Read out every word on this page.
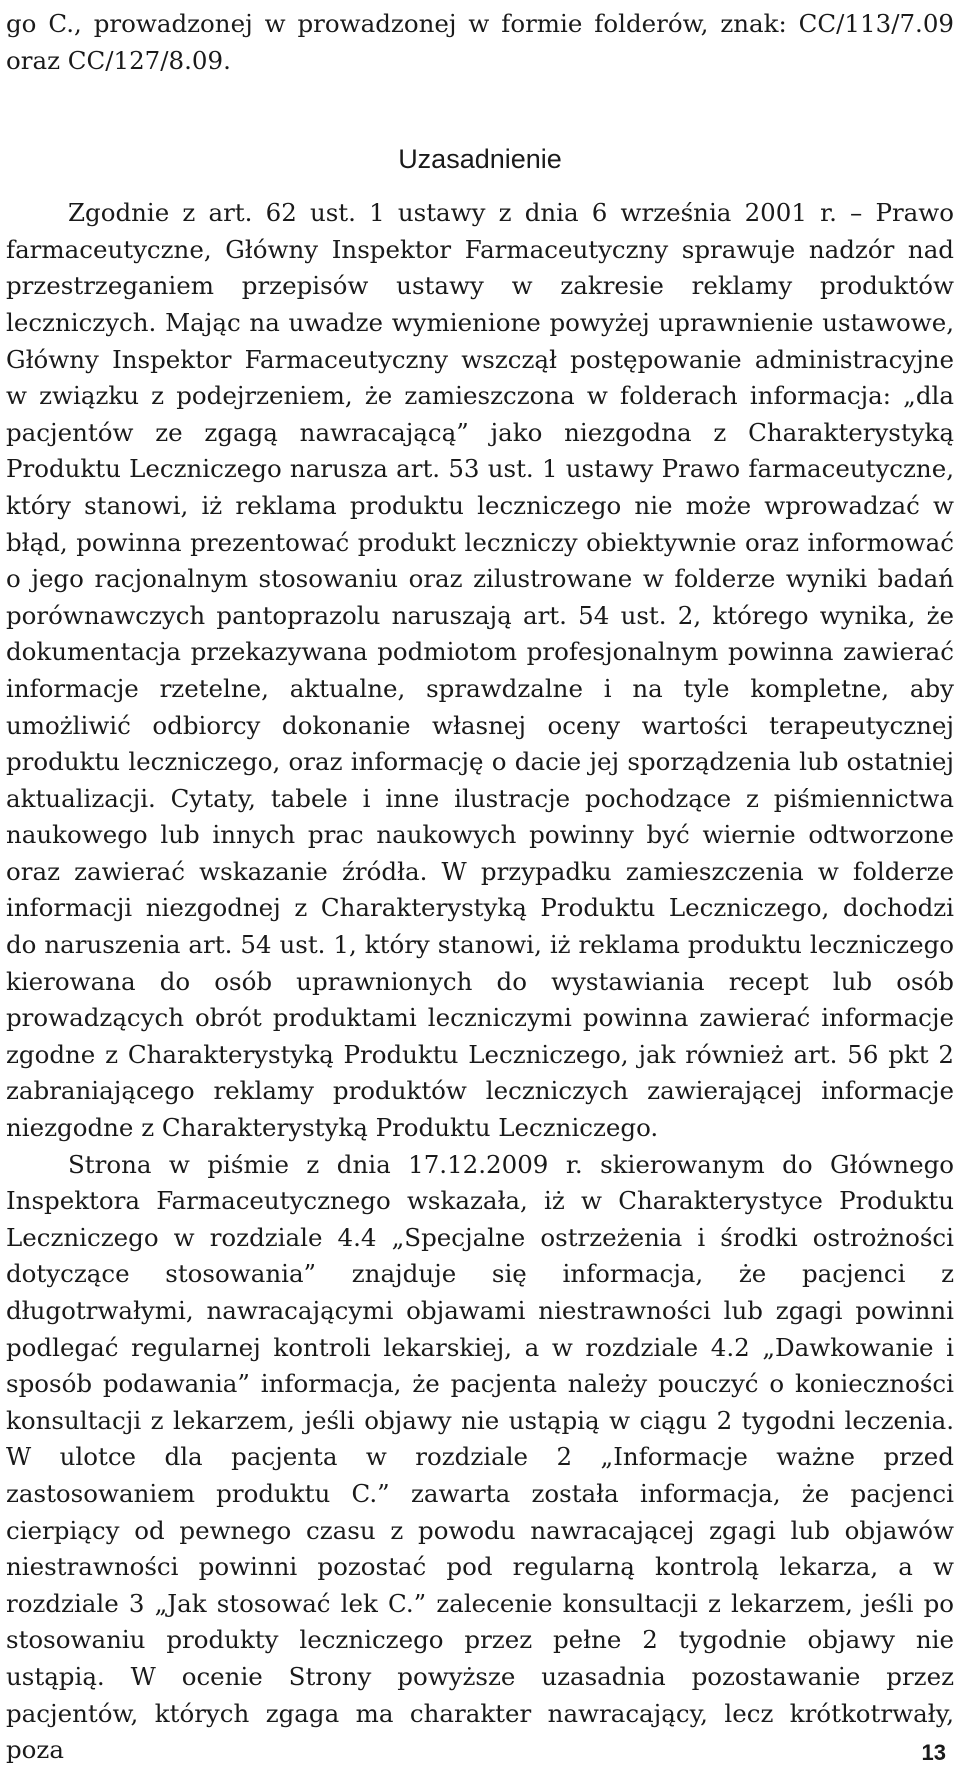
go C., prowadzonej w prowadzonej w formie folderów, znak: CC/113/7.09 oraz CC/127/8.09.

Uzasadnienie

Zgodnie z art. 62 ust. 1 ustawy z dnia 6 września 2001 r. – Prawo farmaceutyczne, Główny Inspektor Farmaceutyczny sprawuje nadzór nad przestrzeganiem przepisów ustawy w zakresie reklamy produktów leczniczych. Mając na uwadze wymienione powyżej uprawnienie ustawowe, Główny Inspektor Farmaceutyczny wszczął postępowanie administracyjne w związku z podejrzeniem, że zamieszczona w folderach informacja: „dla pacjentów ze zgagą nawracającą” jako niezgodna z Charakterystyką Produktu Leczniczego narusza art. 53 ust. 1 ustawy Prawo farmaceutyczne, który stanowi, iż reklama produktu leczniczego nie może wprowadzać w błąd, powinna prezentować produkt leczniczy obiektywnie oraz informować o jego racjonalnym stosowaniu oraz zilustrowane w folderze wyniki badań porównawczych pantoprazolu naruszają art. 54 ust. 2, którego wynika, że dokumentacja przekazywana podmiotom profesjonalnym powinna zawierać informacje rzetelne, aktualne, sprawdzalne i na tyle kompletne, aby umożliwić odbiorcy dokonanie własnej oceny wartości terapeutycznej produktu leczniczego, oraz informację o dacie jej sporządzenia lub ostatniej aktualizacji. Cytaty, tabele i inne ilustracje pochodzące z piśmiennictwa naukowego lub innych prac naukowych powinny być wiernie odtworzone oraz zawierać wskazanie źródła. W przypadku zamieszczenia w folderze informacji niezgodnej z Charakterystyką Produktu Leczniczego, dochodzi do naruszenia art. 54 ust. 1, który stanowi, iż reklama produktu leczniczego kierowana do osób uprawnionych do wystawiania recept lub osób prowadzących obrót produktami leczniczymi powinna zawierać informacje zgodne z Charakterystyką Produktu Leczniczego, jak również art. 56 pkt 2 zabraniającego reklamy produktów leczniczych zawierającej informacje niezgodne z Charakterystyką Produktu Leczniczego.

Strona w piśmie z dnia 17.12.2009 r. skierowanym do Głównego Inspektora Farmaceutycznego wskazała, iż w Charakterystyce Produktu Leczniczego w rozdziale 4.4 „Specjalne ostrzeżenia i środki ostrożności dotyczące stosowania” znajduje się informacja, że pacjenci z długotrwałymi, nawracającymi objawami niestrawności lub zgagi powinni podlegać regularnej kontroli lekarskiej, a w rozdziale 4.2 „Dawkowanie i sposób podawania” informacja, że pacjenta należy pouczyć o konieczności konsultacji z lekarzem, jeśli objawy nie ustąpią w ciągu 2 tygodni leczenia. W ulotce dla pacjenta w rozdziale 2 „Informacje ważne przed zastosowaniem produktu C.” zawarta została informacja, że pacjenci cierpiący od pewnego czasu z powodu nawracającej zgagi lub objawów niestrawności powinni pozostać pod regularną kontrolą lekarza, a w rozdziale 3 „Jak stosować lek C.” zalecenie konsultacji z lekarzem, jeśli po stosowaniu produkty leczniczego przez pełne 2 tygodnie objawy nie ustąpią. W ocenie Strony powyższe uzasadnia pozostawanie przez pacjentów, których zgaga ma charakter nawracający, lecz krótkotrwały, poza	13
